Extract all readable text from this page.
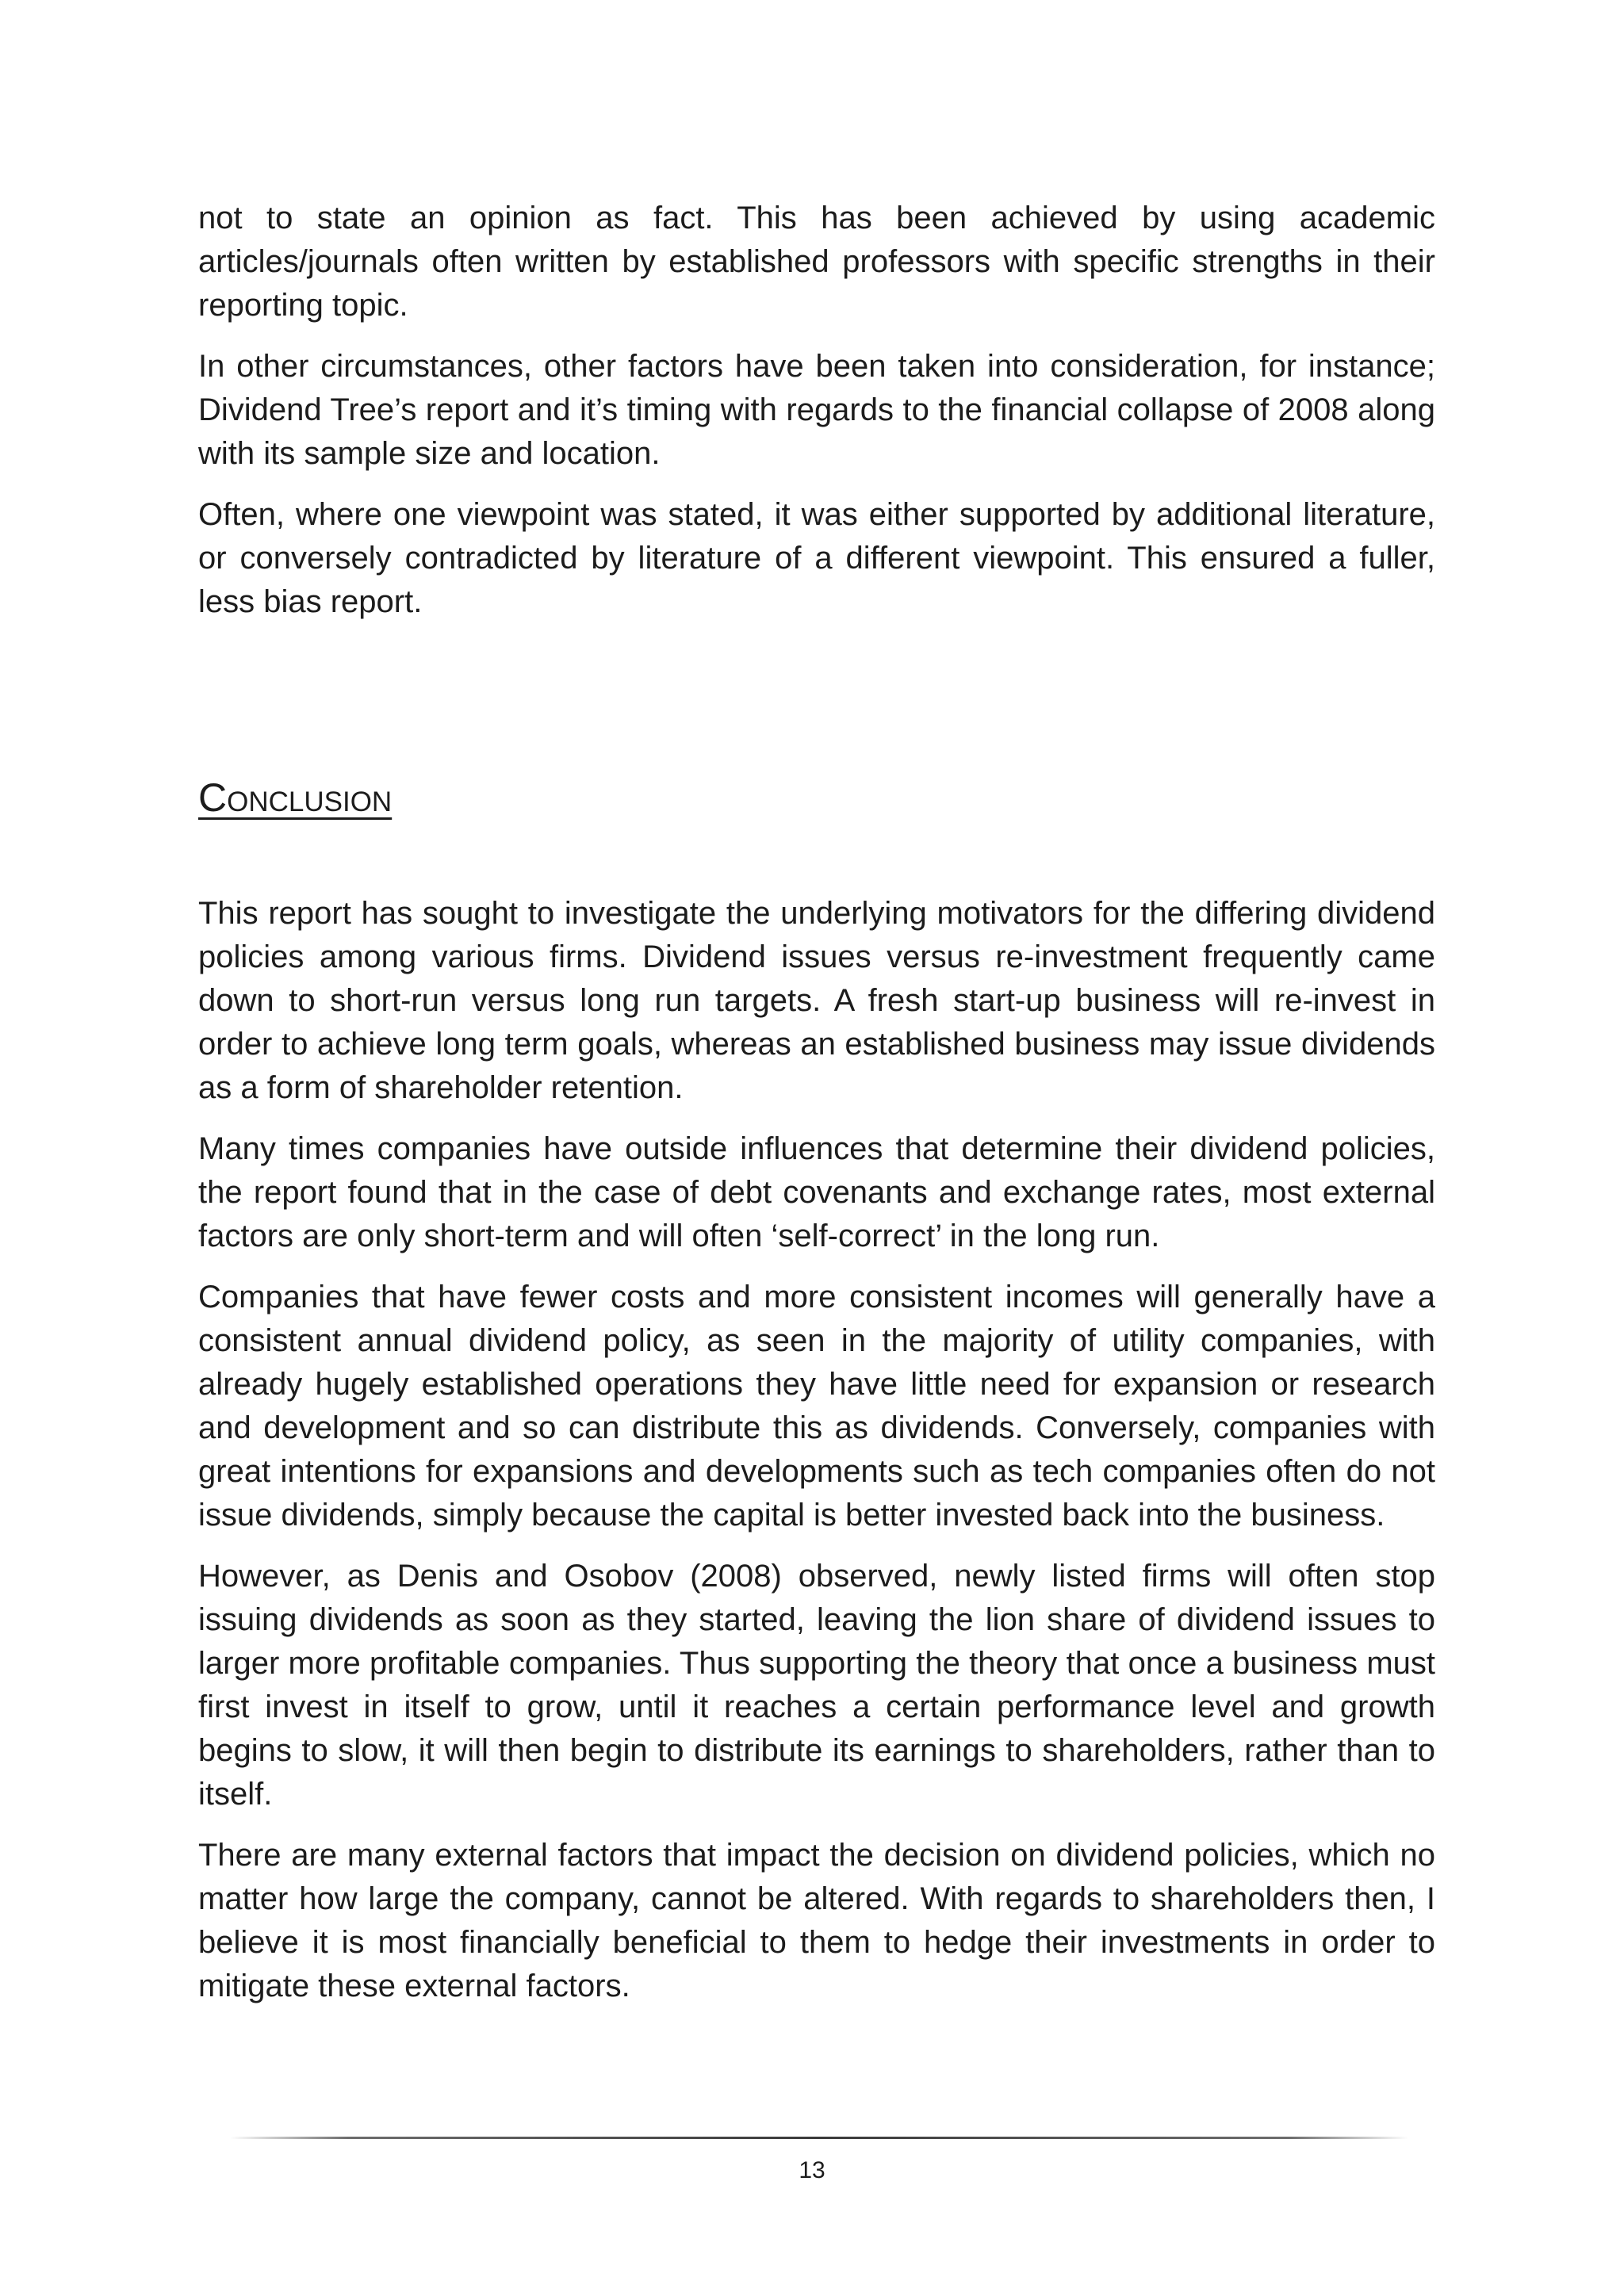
not to state an opinion as fact. This has been achieved by using academic articles/journals often written by established professors with specific strengths in their reporting topic.

In other circumstances, other factors have been taken into consideration, for instance; Dividend Tree’s report and it’s timing with regards to the financial collapse of 2008 along with its sample size and location.

Often, where one viewpoint was stated, it was either supported by additional literature, or conversely contradicted by literature of a different viewpoint. This ensured a fuller, less bias report.

Conclusion

This report has sought to investigate the underlying motivators for the differing dividend policies among various firms. Dividend issues versus re-investment frequently came down to short-run versus long run targets. A fresh start-up business will re-invest in order to achieve long term goals, whereas an established business may issue dividends as a form of shareholder retention.

Many times companies have outside influences that determine their dividend policies, the report found that in the case of debt covenants and exchange rates, most external factors are only short-term and will often ‘self-correct’ in the long run.

Companies that have fewer costs and more consistent incomes will generally have a consistent annual dividend policy, as seen in the majority of utility companies, with already hugely established operations they have little need for expansion or research and development and so can distribute this as dividends. Conversely, companies with great intentions for expansions and developments such as tech companies often do not issue dividends, simply because the capital is better invested back into the business.

However, as Denis and Osobov (2008) observed, newly listed firms will often stop issuing dividends as soon as they started, leaving the lion share of dividend issues to larger more profitable companies. Thus supporting the theory that once a business must first invest in itself to grow, until it reaches a certain performance level and growth begins to slow, it will then begin to distribute its earnings to shareholders, rather than to itself.

There are many external factors that impact the decision on dividend policies, which no matter how large the company, cannot be altered. With regards to shareholders then, I believe it is most financially beneficial to them to hedge their investments in order to mitigate these external factors.

13
